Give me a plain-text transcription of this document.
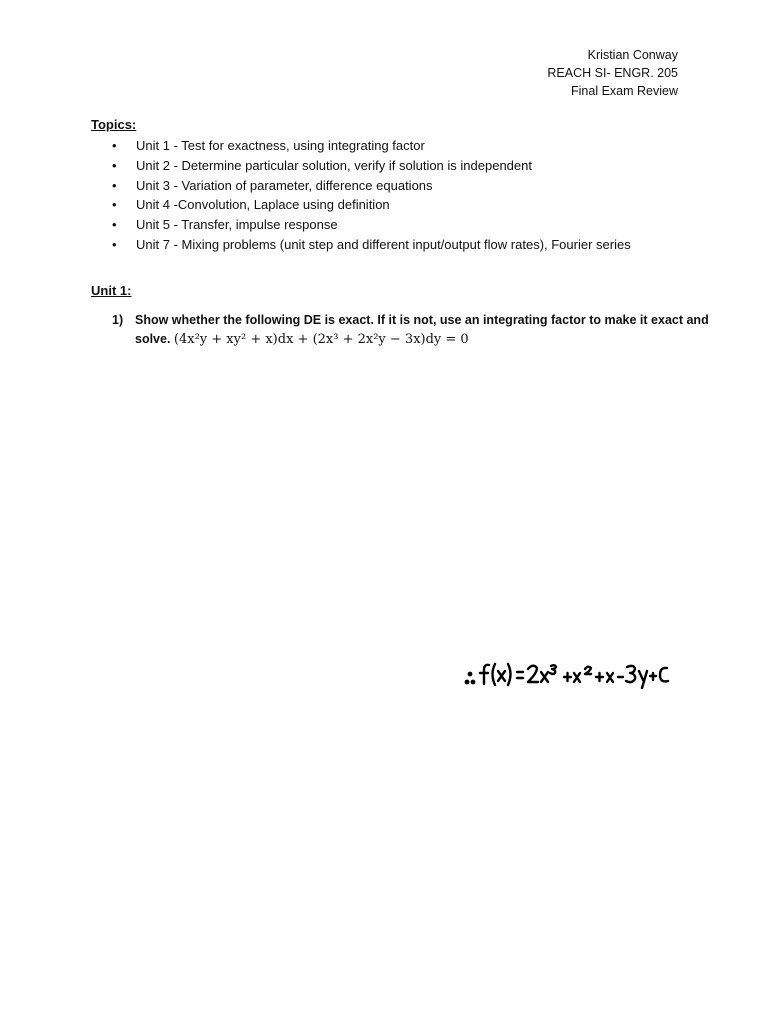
Kristian Conway
REACH SI- ENGR. 205
Final Exam Review
Topics:
• Unit 1 - Test for exactness, using integrating factor
• Unit 2 - Determine particular solution, verify if solution is independent
• Unit 3 - Variation of parameter, difference equations
• Unit 4 -Convolution, Laplace using definition
• Unit 5 - Transfer, impulse response
• Unit 7 - Mixing problems (unit step and different input/output flow rates), Fourier series
Unit 1:
1) Show whether the following DE is exact. If it is not, use an integrating factor to make it exact and
solve. (4x²y + xy² + x)dx + (2x³ + 2x²y − 3x)dy = 0
